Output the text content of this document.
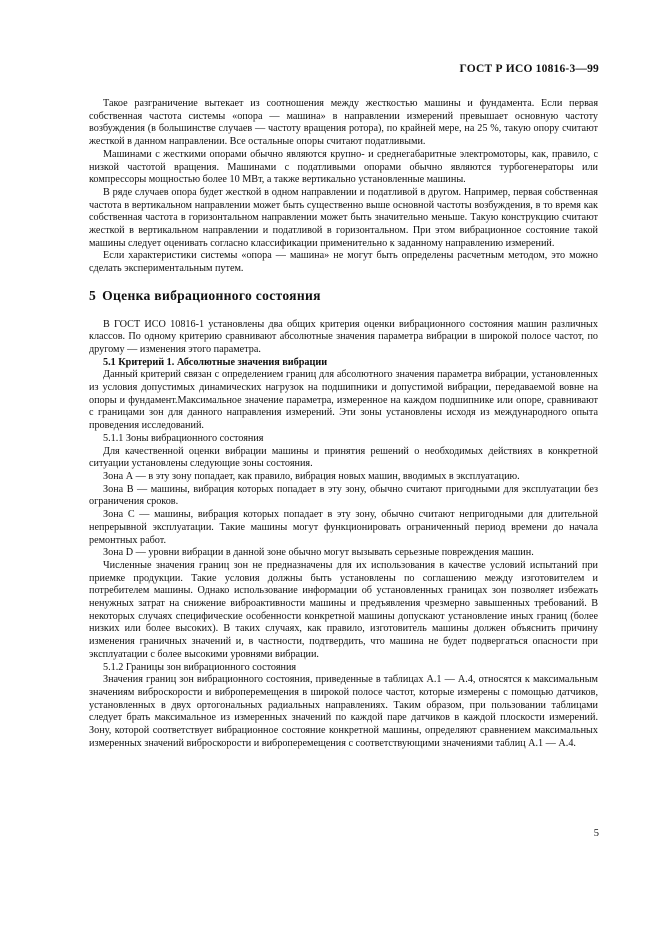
ГОСТ Р ИСО 10816-3—99

Такое разграничение вытекает из соотношения между жесткостью машины и фундамента. Если первая собственная частота системы «опора — машина» в направлении измерений превышает основную частоту возбуждения (в большинстве случаев — частоту вращения ротора), по крайней мере, на 25 %, такую опору считают жесткой в данном направлении. Все остальные опоры считают податливыми.

Машинами с жесткими опорами обычно являются крупно- и среднегабаритные электромоторы, как, правило, с низкой частотой вращения. Машинами с податливыми опорами обычно являются турбогенераторы или компрессоры мощностью более 10 МВт, а также вертикально установленные машины.

В ряде случаев опора будет жесткой в одном направлении и податливой в другом. Например, первая собственная частота в вертикальном направлении может быть существенно выше основной частоты возбуждения, в то время как собственная частота в горизонтальном направлении может быть значительно меньше. Такую конструкцию считают жесткой в вертикальном направлении и податливой в горизонтальном. При этом вибрационное состояние такой машины следует оценивать согласно классификации применительно к заданному направлению измерений.

Если характеристики системы «опора — машина» не могут быть определены расчетным методом, это можно сделать экспериментальным путем.

5 Оценка вибрационного состояния

В ГОСТ ИСО 10816-1 установлены два общих критерия оценки вибрационного состояния машин различных классов. По одному критерию сравнивают абсолютные значения параметра вибрации в широкой полосе частот, по другому — изменения этого параметра.

5.1 Критерий 1. Абсолютные значения вибрации

Данный критерий связан с определением границ для абсолютного значения параметра вибрации, установленных из условия допустимых динамических нагрузок на подшипники и допустимой вибрации, передаваемой вовне на опоры и фундамент.Максимальное значение параметра, измеренное на каждом подшипнике или опоре, сравнивают с границами зон для данного направления измерений. Эти зоны установлены исходя из международного опыта проведения исследований.

5.1.1 Зоны вибрационного состояния

Для качественной оценки вибрации машины и принятия решений о необходимых действиях в конкретной ситуации установлены следующие зоны состояния.

Зона А — в эту зону попадает, как правило, вибрация новых машин, вводимых в эксплуатацию.

Зона В — машины, вибрация которых попадает в эту зону, обычно считают пригодными для эксплуатации без ограничения сроков.

Зона С — машины, вибрация которых попадает в эту зону, обычно считают непригодными для длительной непрерывной эксплуатации. Такие машины могут функционировать ограниченный период времени до начала ремонтных работ.

Зона D — уровни вибрации в данной зоне обычно могут вызывать серьезные повреждения машин.

Численные значения границ зон не предназначены для их использования в качестве условий испытаний при приемке продукции. Такие условия должны быть установлены по соглашению между изготовителем и потребителем машины. Однако использование информации об установленных границах зон позволяет избежать ненужных затрат на снижение виброактивности машины и предъявления чрезмерно завышенных требований. В некоторых случаях специфические особенности конкретной машины допускают установление иных границ (более низких или более высоких). В таких случаях, как правило, изготовитель машины должен объяснить причину изменения граничных значений и, в частности, подтвердить, что машина не будет подвергаться опасности при эксплуатации с более высокими уровнями вибрации.

5.1.2 Границы зон вибрационного состояния

Значения границ зон вибрационного состояния, приведенные в таблицах А.1 — А.4, относятся к максимальным значениям виброскорости и виброперемещения в широкой полосе частот, которые измерены с помощью датчиков, установленных в двух ортогональных радиальных направлениях. Таким образом, при пользовании таблицами следует брать максимальное из измеренных значений по каждой паре датчиков в каждой плоскости измерений. Зону, которой соответствует вибрационное состояние конкретной машины, определяют сравнением максимальных измеренных значений виброскорости и виброперемещения с соответствующими значениями таблиц А.1 — А.4.

5
